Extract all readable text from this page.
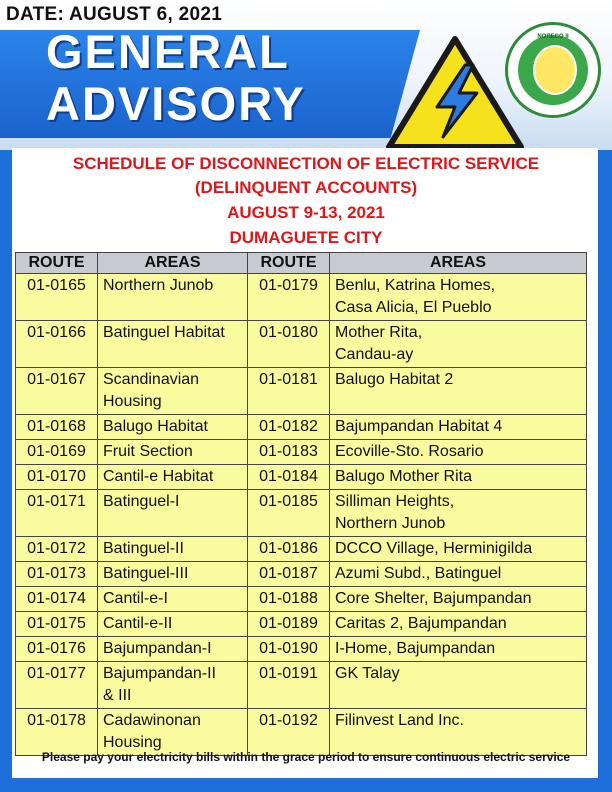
DATE: AUGUST 6, 2021
GENERAL
ADVISORY
NORECO II

SCHEDULE OF DISCONNECTION OF ELECTRIC SERVICE

(DELINQUENT ACCOUNTS)

AUGUST 9-13, 2021

DUMAGUETE CITY

ROUTE	AREAS	ROUTE	AREAS
01-0165	Northern Junob	01-0179	Benlu, Katrina Homes,
Casa Alicia, El Pueblo
01-0166	Batinguel Habitat	01-0180	Mother Rita,
Candau-ay
01-0167	Scandinavian
Housing	01-0181	Balugo Habitat 2
01-0168	Balugo Habitat	01-0182	Bajumpandan Habitat 4
01-0169	Fruit Section	01-0183	Ecoville-Sto. Rosario
01-0170	Cantil-e Habitat	01-0184	Balugo Mother Rita
01-0171	Batinguel-I	01-0185	Silliman Heights,
Northern Junob
01-0172	Batinguel-II	01-0186	DCCO Village, Herminigilda
01-0173	Batinguel-III	01-0187	Azumi Subd., Batinguel
01-0174	Cantil-e-I	01-0188	Core Shelter, Bajumpandan
01-0175	Cantil-e-II	01-0189	Caritas 2, Bajumpandan
01-0176	Bajumpandan-I	01-0190	I-Home, Bajumpandan
01-0177	Bajumpandan-II
& III	01-0191	GK Talay
01-0178	Cadawinonan
Housing	01-0192	Filinvest Land Inc.

Please pay your electricity bills within the grace period to ensure continuous electric service
